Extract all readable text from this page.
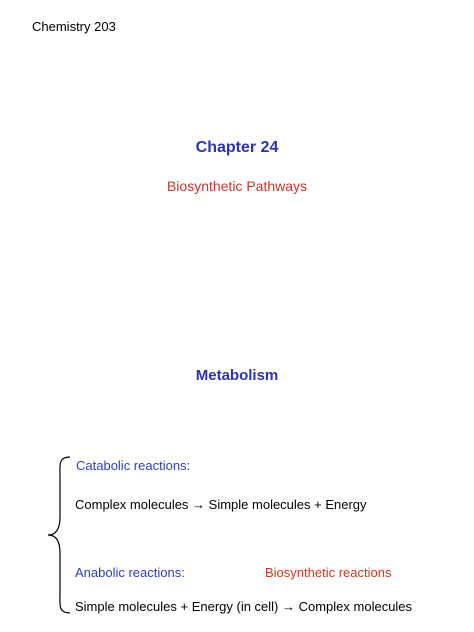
Chemistry 203
Chapter 24
Biosynthetic Pathways
Metabolism
Catabolic reactions:
Complex molecules → Simple molecules + Energy
Anabolic reactions:	Biosynthetic reactions
Simple molecules + Energy (in cell) → Complex molecules
